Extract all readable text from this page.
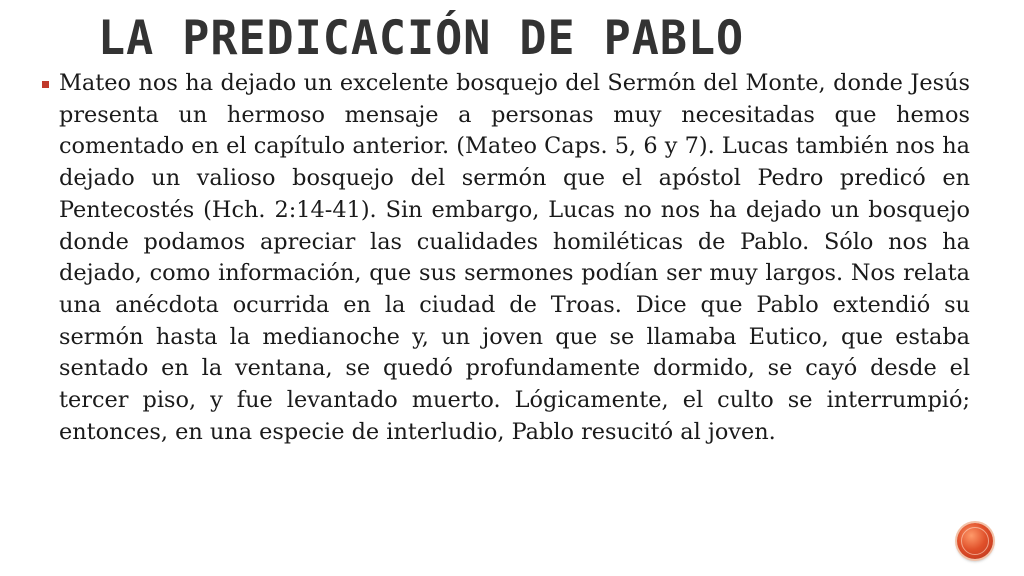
LA PREDICACIÓN DE PABLO

Mateo nos ha dejado un excelente bosquejo del Sermón del Monte, donde Jesús presenta un hermoso mensaje a personas muy necesitadas que hemos comentado en el capítulo anterior. (Mateo Caps. 5, 6 y 7). Lucas también nos ha dejado un valioso bosquejo del sermón que el apóstol Pedro predicó en Pentecostés (Hch. 2:14-41). Sin embargo, Lucas no nos ha dejado un bosquejo donde podamos apreciar las cualidades homiléticas de Pablo. Sólo nos ha dejado, como información, que sus sermones podían ser muy largos. Nos relata una anécdota ocurrida en la ciudad de Troas. Dice que Pablo extendió su sermón hasta la medianoche y, un joven que se llamaba Eutico, que estaba sentado en la ventana, se quedó profundamente dormido, se cayó desde el tercer piso, y fue levantado muerto. Lógicamente, el culto se interrumpió; entonces, en una especie de interludio, Pablo resucitó al joven.
